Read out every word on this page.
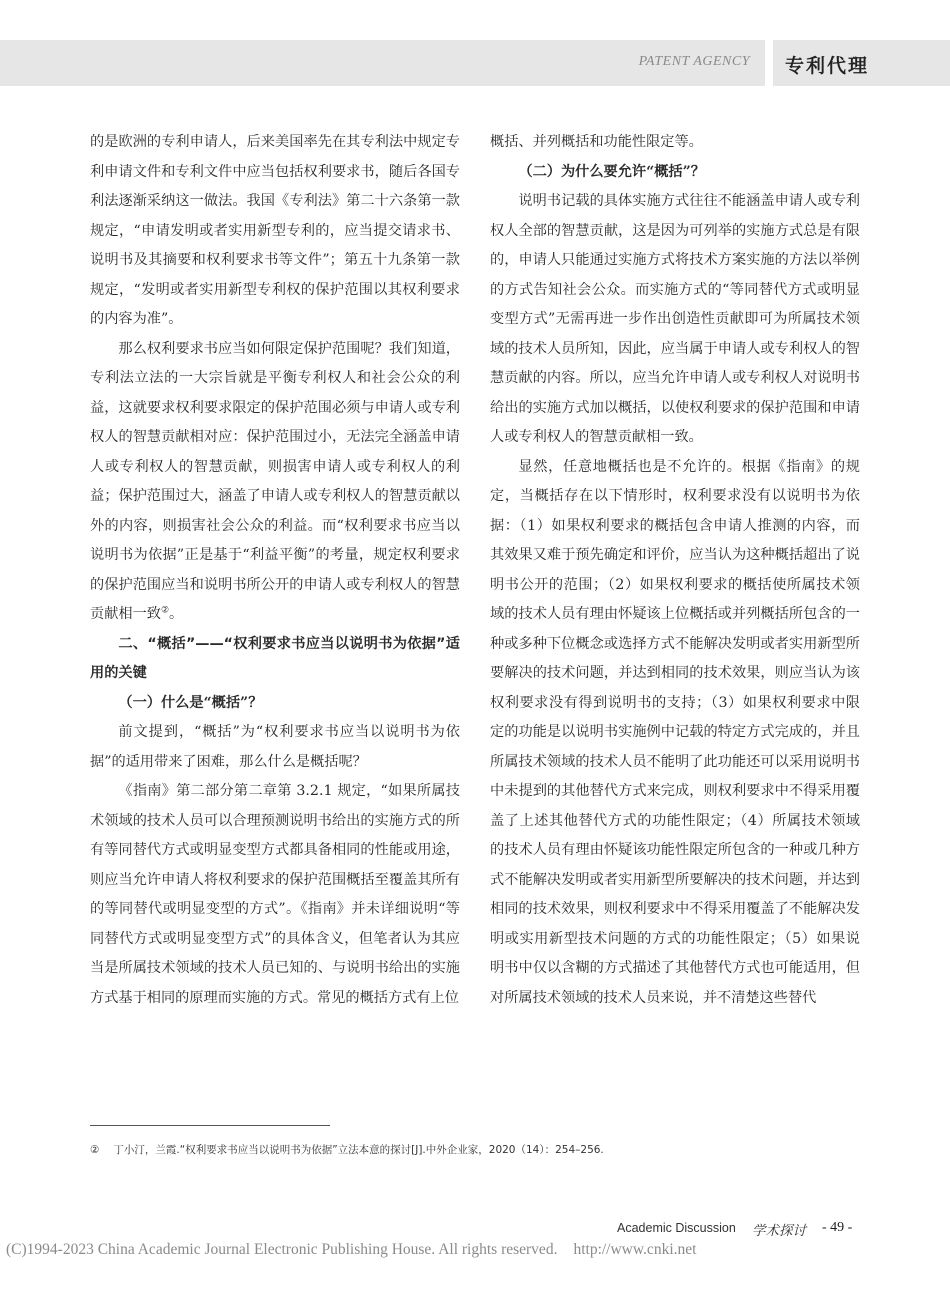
PATENT AGENCY 专利代理

的是欧洲的专利申请人，后来美国率先在其专利法中规定专利申请文件和专利文件中应当包括权利要求书，随后各国专利法逐渐采纳这一做法。我国《专利法》第二十六条第一款规定，“申请发明或者实用新型专利的，应当提交请求书、说明书及其摘要和权利要求书等文件”；第五十九条第一款规定，“发明或者实用新型专利权的保护范围以其权利要求的内容为准”。

那么权利要求书应当如何限定保护范围呢？我们知道，专利法立法的一大宗旨就是平衡专利权人和社会公众的利益，这就要求权利要求限定的保护范围必须与申请人或专利权人的智慧贡献相对应：保护范围过小，无法完全涵盖申请人或专利权人的智慧贡献，则损害申请人或专利权人的利益；保护范围过大，涵盖了申请人或专利权人的智慧贡献以外的内容，则损害社会公众的利益。而“权利要求书应当以说明书为依据”正是基于“利益平衡”的考量，规定权利要求的保护范围应当和说明书所公开的申请人或专利权人的智慧贡献相一致②。

二、“概括”——“权利要求书应当以说明书为依据”适用的关键
（一）什么是“概括”？

前文提到，“概括”为“权利要求书应当以说明书为依据”的适用带来了困难，那么什么是概括呢？

《指南》第二部分第二章第 3.2.1 规定，“如果所属技术领域的技术人员可以合理预测说明书给出的实施方式的所有等同替代方式或明显变型方式都具备相同的性能或用途，则应当允许申请人将权利要求的保护范围概括至覆盖其所有的等同替代或明显变型的方式”。《指南》并未详细说明“等同替代方式或明显变型方式”的具体含义，但笔者认为其应当是所属技术领域的技术人员已知的、与说明书给出的实施方式基于相同的原理而实施的方式。常见的概括方式有上位

概括、并列概括和功能性限定等。

（二）为什么要允许“概括”？

说明书记载的具体实施方式往往不能涵盖申请人或专利权人全部的智慧贡献，这是因为可列举的实施方式总是有限的，申请人只能通过实施方式将技术方案实施的方法以举例的方式告知社会公众。而实施方式的“等同替代方式或明显变型方式”无需再进一步作出创造性贡献即可为所属技术领域的技术人员所知，因此，应当属于申请人或专利权人的智慧贡献的内容。所以，应当允许申请人或专利权人对说明书给出的实施方式加以概括，以使权利要求的保护范围和申请人或专利权人的智慧贡献相一致。

显然，任意地概括也是不允许的。根据《指南》的规定，当概括存在以下情形时，权利要求没有以说明书为依据：（1）如果权利要求的概括包含申请人推测的内容，而其效果又难于预先确定和评价，应当认为这种概括超出了说明书公开的范围；（2）如果权利要求的概括使所属技术领域的技术人员有理由怀疑该上位概括或并列概括所包含的一种或多种下位概念或选择方式不能解决发明或者实用新型所要解决的技术问题，并达到相同的技术效果，则应当认为该权利要求没有得到说明书的支持；（3）如果权利要求中限定的功能是以说明书实施例中记载的特定方式完成的，并且所属技术领域的技术人员不能明了此功能还可以采用说明书中未提到的其他替代方式来完成，则权利要求中不得采用覆盖了上述其他替代方式的功能性限定；（4）所属技术领域的技术人员有理由怀疑该功能性限定所包含的一种或几种方式不能解决发明或者实用新型所要解决的技术问题，并达到相同的技术效果，则权利要求中不得采用覆盖了不能解决发明或实用新型技术问题的方式的功能性限定；（5）如果说明书中仅以含糊的方式描述了其他替代方式也可能适用，但对所属技术领域的技术人员来说，并不清楚这些替代

② 丁小汀，兰霞.“权利要求书应当以说明书为依据”立法本意的探讨[J].中外企业家，2020（14）：254–256.
Academic Discussion 学术探讨 - 49 -
(C)1994-2023 China Academic Journal Electronic Publishing House. All rights reserved. http://www.cnki.net
